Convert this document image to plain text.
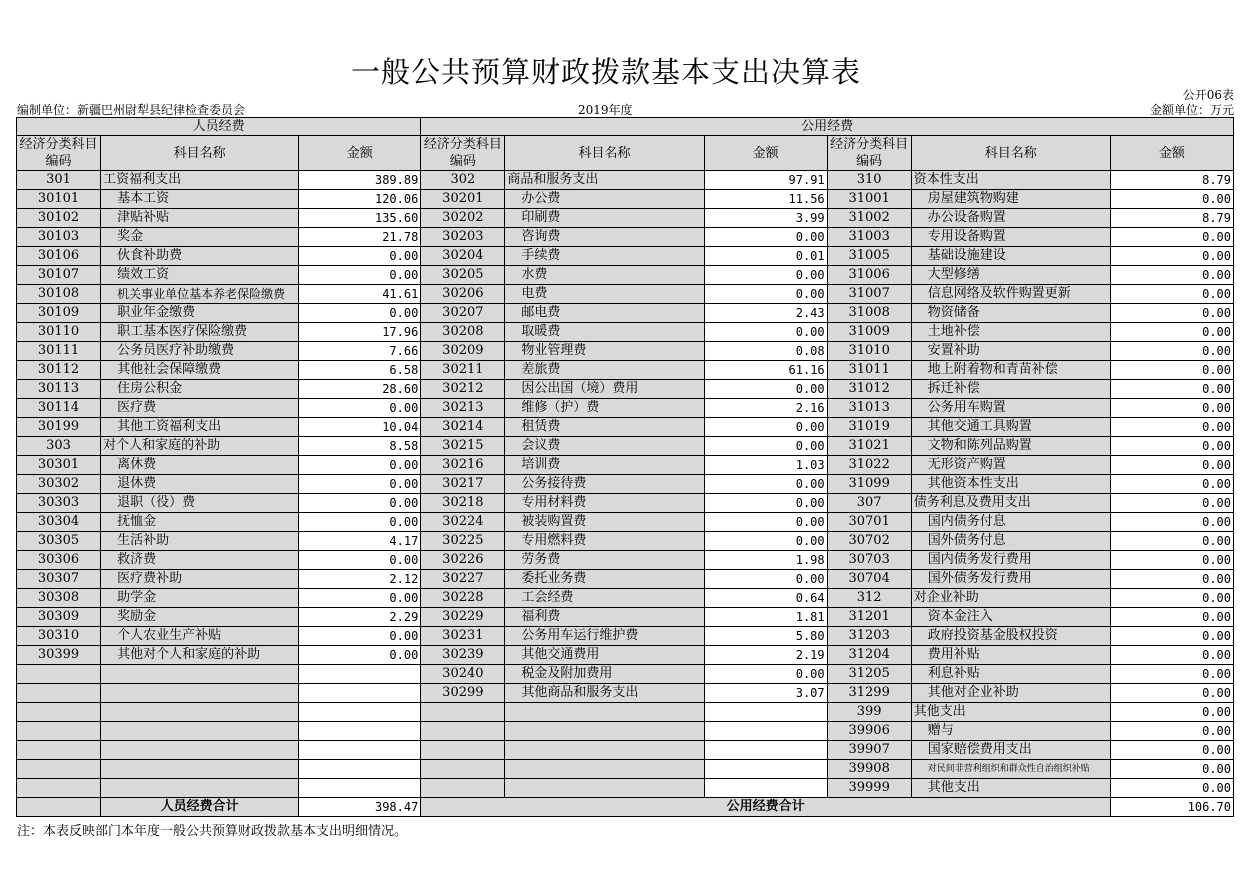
一般公共预算财政拨款基本支出决算表
公开06表
编制单位：新疆巴州尉犁县纪律检查委员会	2019年度	金额单位：万元
人员经费			公用经费					
经济分类科目编码	科目名称	金额	经济分类科目编码	科目名称	金额	经济分类科目编码	科目名称	金额
301	工资福利支出	389.89	302	商品和服务支出	97.91	310	资本性支出	8.79
30101	基本工资	120.06	30201	办公费	11.56	31001	房屋建筑物购建	0.00
30102	津贴补贴	135.60	30202	印刷费	3.99	31002	办公设备购置	8.79
30103	奖金	21.78	30203	咨询费	0.00	31003	专用设备购置	0.00
30106	伙食补助费	0.00	30204	手续费	0.01	31005	基础设施建设	0.00
30107	绩效工资	0.00	30205	水费	0.00	31006	大型修缮	0.00
30108	机关事业单位基本养老保险缴费	41.61	30206	电费	0.00	31007	信息网络及软件购置更新	0.00
30109	职业年金缴费	0.00	30207	邮电费	2.43	31008	物资储备	0.00
30110	职工基本医疗保险缴费	17.96	30208	取暖费	0.00	31009	土地补偿	0.00
30111	公务员医疗补助缴费	7.66	30209	物业管理费	0.08	31010	安置补助	0.00
30112	其他社会保障缴费	6.58	30211	差旅费	61.16	31011	地上附着物和青苗补偿	0.00
30113	住房公积金	28.60	30212	因公出国（境）费用	0.00	31012	拆迁补偿	0.00
30114	医疗费	0.00	30213	维修（护）费	2.16	31013	公务用车购置	0.00
30199	其他工资福利支出	10.04	30214	租赁费	0.00	31019	其他交通工具购置	0.00
303	对个人和家庭的补助	8.58	30215	会议费	0.00	31021	文物和陈列品购置	0.00
30301	离休费	0.00	30216	培训费	1.03	31022	无形资产购置	0.00
30302	退休费	0.00	30217	公务接待费	0.00	31099	其他资本性支出	0.00
30303	退职（役）费	0.00	30218	专用材料费	0.00	307	债务利息及费用支出	0.00
30304	抚恤金	0.00	30224	被装购置费	0.00	30701	国内债务付息	0.00
30305	生活补助	4.17	30225	专用燃料费	0.00	30702	国外债务付息	0.00
30306	救济费	0.00	30226	劳务费	1.98	30703	国内债务发行费用	0.00
30307	医疗费补助	2.12	30227	委托业务费	0.00	30704	国外债务发行费用	0.00
30308	助学金	0.00	30228	工会经费	0.64	312	对企业补助	0.00
30309	奖励金	2.29	30229	福利费	1.81	31201	资本金注入	0.00
30310	个人农业生产补贴	0.00	30231	公务用车运行维护费	5.80	31203	政府投资基金股权投资	0.00
30399	其他对个人和家庭的补助	0.00	30239	其他交通费用	2.19	31204	费用补贴	0.00
			30240	税金及附加费用	0.00	31205	利息补贴	0.00
			30299	其他商品和服务支出	3.07	31299	其他对企业补助	0.00
						399	其他支出	0.00
						39906	赠与	0.00
						39907	国家赔偿费用支出	0.00
						39908	对民间非营利组织和群众性自治组织补贴	0.00
						39999	其他支出	0.00
	人员经费合计	398.47	公用经费合计					106.70
注：本表反映部门本年度一般公共预算财政拨款基本支出明细情况。
